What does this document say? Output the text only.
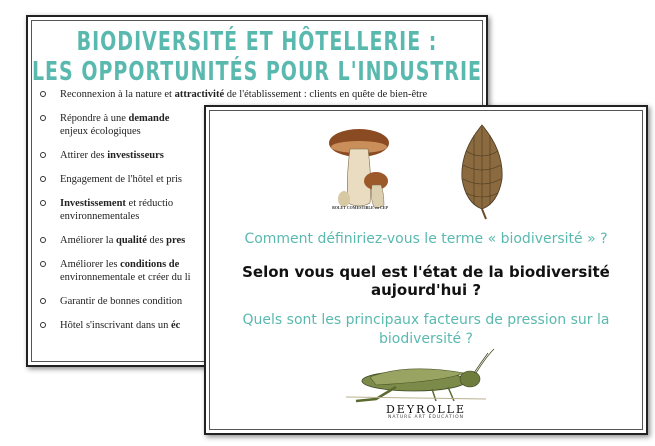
BIODIVERSITÉ ET HÔTELLERIE :
LES OPPORTUNITÉS POUR L'INDUSTRIE
Reconnexion à la nature et attractivité de l'établissement : clients en quête de bien-être
Répondre à une demande
enjeux écologiques
Attirer des investisseurs
Engagement de l'hôtel et pris
Investissement et réductio
environnementales
Améliorer la qualité des pres
Améliorer les conditions de
environnementale et créer du li
Garantir de bonnes condition
Hôtel s'inscrivant dans un éc
BOLET COMESTIBLE ou CEP
Comment définiriez-vous le terme « biodiversité » ?
Selon vous quel est l'état de la biodiversité aujourd'hui ?
Quels sont les principaux facteurs de pression sur la biodiversité ?
DEYROLLE
NATURE ART ÉDUCATION
